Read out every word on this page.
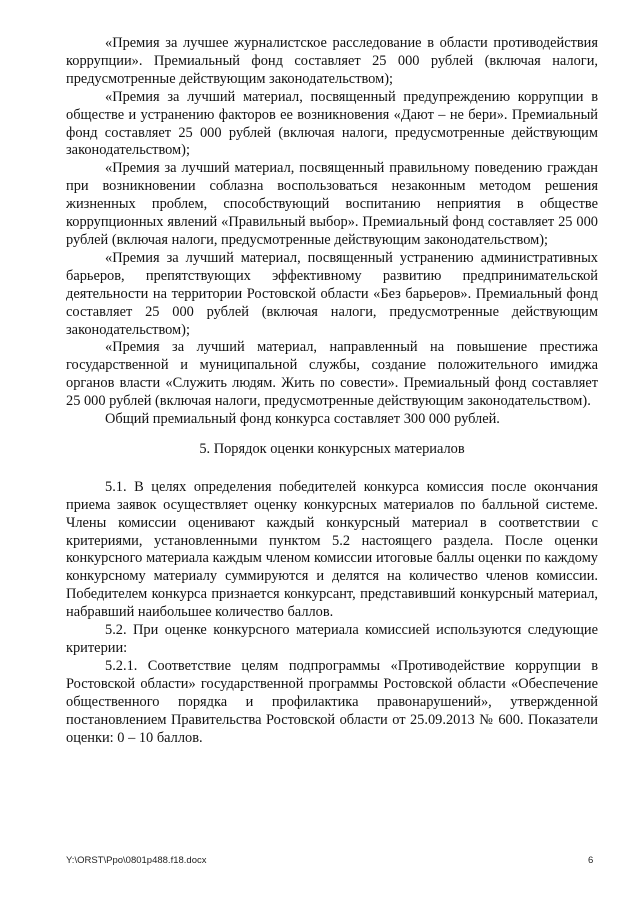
«Премия за лучшее журналистское расследование в области противодействия коррупции». Премиальный фонд составляет 25 000 рублей (включая налоги, предусмотренные действующим законодательством);

«Премия за лучший материал, посвященный предупреждению коррупции в обществе и устранению факторов ее возникновения «Дают – не бери». Премиальный фонд составляет 25 000 рублей (включая налоги, предусмотренные действующим законодательством);

«Премия за лучший материал, посвященный правильному поведению граждан при возникновении соблазна воспользоваться незаконным методом решения жизненных проблем, способствующий воспитанию неприятия в обществе коррупционных явлений «Правильный выбор». Премиальный фонд составляет 25 000 рублей (включая налоги, предусмотренные действующим законодательством);

«Премия за лучший материал, посвященный устранению административных барьеров, препятствующих эффективному развитию предпринимательской деятельности на территории Ростовской области «Без барьеров». Премиальный фонд составляет 25 000 рублей (включая налоги, предусмотренные действующим законодательством);

«Премия за лучший материал, направленный на повышение престижа государственной и муниципальной службы, создание положительного имиджа органов власти «Служить людям. Жить по совести». Премиальный фонд составляет 25 000 рублей (включая налоги, предусмотренные действующим законодательством).

Общий премиальный фонд конкурса составляет 300 000 рублей.

5. Порядок оценки конкурсных материалов

5.1. В целях определения победителей конкурса комиссия после окончания приема заявок осуществляет оценку конкурсных материалов по балльной системе. Члены комиссии оценивают каждый конкурсный материал в соответствии с критериями, установленными пунктом 5.2 настоящего раздела. После оценки конкурсного материала каждым членом комиссии итоговые баллы оценки по каждому конкурсному материалу суммируются и делятся на количество членов комиссии. Победителем конкурса признается конкурсант, представивший конкурсный материал, набравший наибольшее количество баллов.

5.2. При оценке конкурсного материала комиссией используются следующие критерии:

5.2.1. Соответствие целям подпрограммы «Противодействие коррупции в Ростовской области» государственной программы Ростовской области «Обеспечение общественного порядка и профилактика правонарушений», утвержденной постановлением Правительства Ростовской области от 25.09.2013 № 600. Показатели оценки: 0 – 10 баллов.

Y:\ORST\Ppo\0801p488.f18.docx	6
